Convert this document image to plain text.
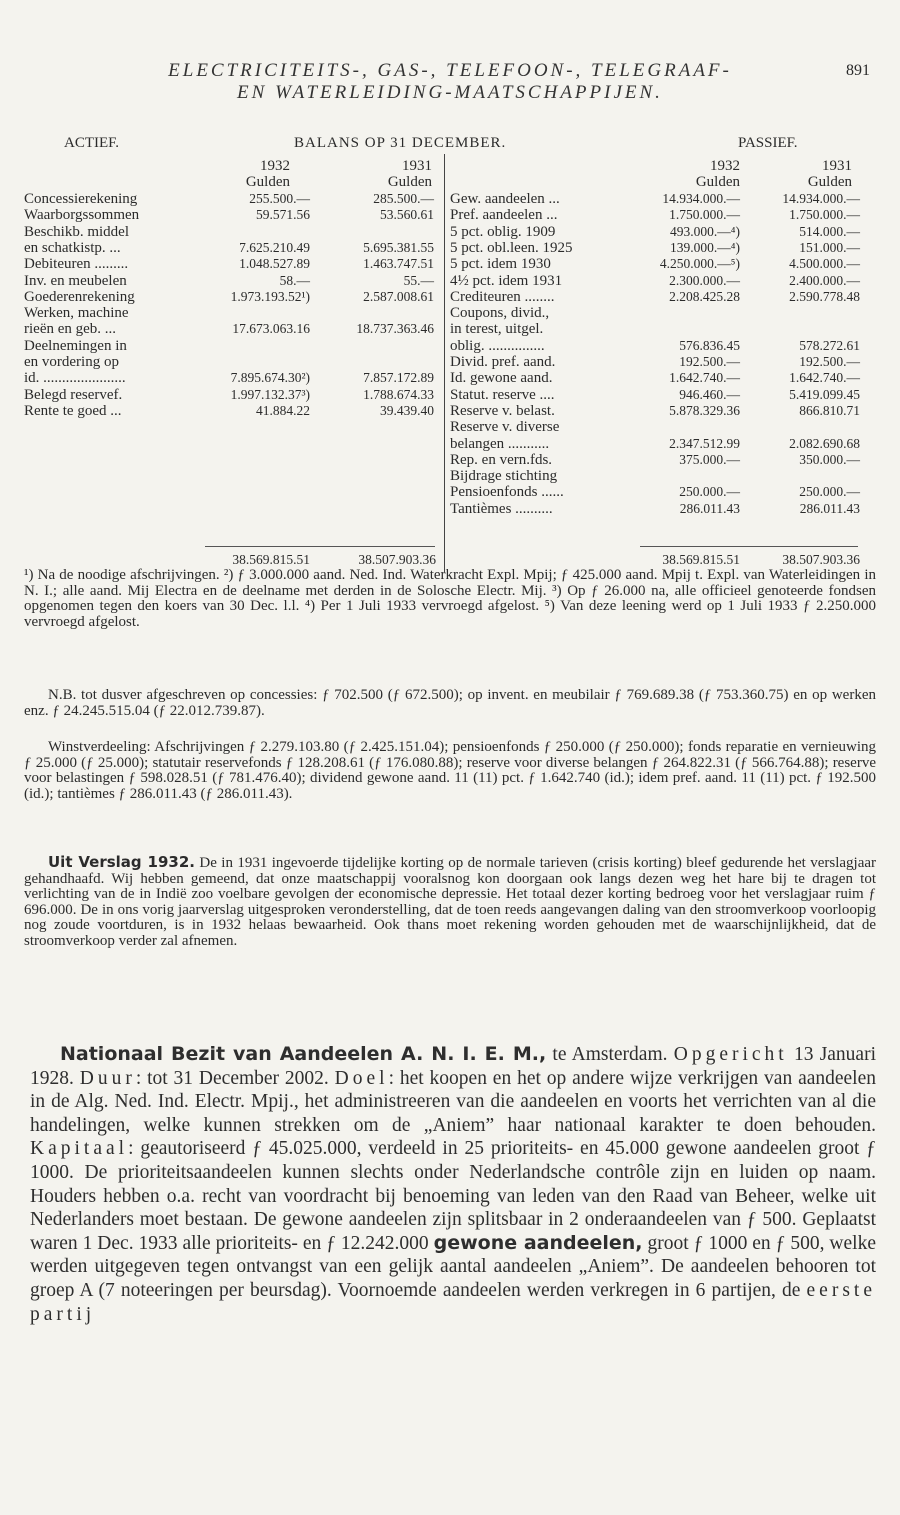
ELECTRICITEITS-, GAS-, TELEFOON-, TELEGRAAF-
EN WATERLEIDING-MAATSCHAPPIJEN.
891
ACTIEF.	BALANS OP 31 DECEMBER.	PASSIEF.
1932	1931	1932	1931
Gulden	Gulden	Gulden	Gulden
Concessierekening	255.500.—	285.500.—
Waarborgssommen	59.571.56	53.560.61
Beschikb. middel
en schatkistp. ...	7.625.210.49	5.695.381.55
Debiteuren .........	1.048.527.89	1.463.747.51
Inv. en meubelen	58.—	55.—
Goederenrekening	1.973.193.52¹)	2.587.008.61
Werken, machine
rieën en geb. ...	17.673.063.16	18.737.363.46
Deelnemingen in
en vordering op
id. ......................	7.895.674.30²)	7.857.172.89
Belegd reservef.	1.997.132.37³)	1.788.674.33
Rente te goed ...	41.884.22	39.439.40
Gew. aandeelen ...	14.934.000.—	14.934.000.—
Pref. aandeelen ...	1.750.000.—	1.750.000.—
5 pct. oblig. 1909	493.000.—⁴)	514.000.—
5 pct. obl.leen. 1925	139.000.—⁴)	151.000.—
5 pct. idem 1930	4.250.000.—⁵)	4.500.000.—
4½ pct. idem 1931	2.300.000.—	2.400.000.—
Crediteuren ........	2.208.425.28	2.590.778.48
Coupons, divid.,
in terest, uitgel.
oblig. ...............	576.836.45	578.272.61
Divid. pref. aand.	192.500.—	192.500.—
Id. gewone aand.	1.642.740.—	1.642.740.—
Statut. reserve ....	946.460.—	5.419.099.45
Reserve v. belast.	5.878.329.36	866.810.71
Reserve v. diverse
belangen ...........	2.347.512.99	2.082.690.68
Rep. en vern.fds.	375.000.—	350.000.—
Bijdrage stichting
Pensioenfonds ......	250.000.—	250.000.—
Tantièmes ..........	286.011.43	286.011.43
38.569.815.51	38.507.903.36	38.569.815.51	38.507.903.36
¹) Na de noodige afschrijvingen. ²) ƒ 3.000.000 aand. Ned. Ind. Waterkracht Expl. Mpij; ƒ 425.000 aand. Mpij t. Expl. van Waterleidingen in N. I.; alle aand. Mij Electra en de deelname met derden in de Solosche Electr. Mij. ³) Op ƒ 26.000 na, alle officieel genoteerde fondsen opgenomen tegen den koers van 30 Dec. l.l. ⁴) Per 1 Juli 1933 vervroegd afgelost. ⁵) Van deze leening werd op 1 Juli 1933 ƒ 2.250.000 vervroegd afgelost.
N.B. tot dusver afgeschreven op concessies: ƒ 702.500 (ƒ 672.500); op invent. en meubilair ƒ 769.689.38 (ƒ 753.360.75) en op werken enz. ƒ 24.245.515.04 (ƒ 22.012.739.87).
Winstverdeeling: Afschrijvingen ƒ 2.279.103.80 (ƒ 2.425.151.04); pensioenfonds ƒ 250.000 (ƒ 250.000); fonds reparatie en vernieuwing ƒ 25.000 (ƒ 25.000); statutair reservefonds ƒ 128.208.61 (ƒ 176.080.88); reserve voor diverse belangen ƒ 264.822.31 (ƒ 566.764.88); reserve voor belastingen ƒ 598.028.51 (ƒ 781.476.40); dividend gewone aand. 11 (11) pct. ƒ 1.642.740 (id.); idem pref. aand. 11 (11) pct. ƒ 192.500 (id.); tantièmes ƒ 286.011.43 (ƒ 286.011.43).
Uit Verslag 1932. De in 1931 ingevoerde tijdelijke korting op de normale tarieven (crisis korting) bleef gedurende het verslagjaar gehandhaafd. Wij hebben gemeend, dat onze maatschappij vooralsnog kon doorgaan ook langs dezen weg het hare bij te dragen tot verlichting van de in Indië zoo voelbare gevolgen der economische depressie. Het totaal dezer korting bedroeg voor het verslagjaar ruim ƒ 696.000. De in ons vorig jaarverslag uitgesproken veronderstelling, dat de toen reeds aangevangen daling van den stroomverkoop voorloopig nog zoude voortduren, is in 1932 helaas bewaarheid. Ook thans moet rekening worden gehouden met de waarschijnlijkheid, dat de stroomverkoop verder zal afnemen.
Nationaal Bezit van Aandeelen A. N. I. E. M., te Amsterdam. Opgericht 13 Januari 1928. Duur: tot 31 December 2002. Doel: het koopen en het op andere wijze verkrijgen van aandeelen in de Alg. Ned. Ind. Electr. Mpij., het administreeren van die aandeelen en voorts het verrichten van al die handelingen, welke kunnen strekken om de „Aniem” haar nationaal karakter te doen behouden. Kapitaal: geautoriseerd ƒ 45.025.000, verdeeld in 25 prioriteits- en 45.000 gewone aandeelen groot ƒ 1000. De prioriteitsaandeelen kunnen slechts onder Nederlandsche contrôle zijn en luiden op naam. Houders hebben o.a. recht van voordracht bij benoeming van leden van den Raad van Beheer, welke uit Nederlanders moet bestaan. De gewone aandeelen zijn splitsbaar in 2 onderaandeelen van ƒ 500. Geplaatst waren 1 Dec. 1933 alle prioriteits- en ƒ 12.242.000 gewone aandeelen, groot ƒ 1000 en ƒ 500, welke werden uitgegeven tegen ontvangst van een gelijk aantal aandeelen „Aniem”. De aandeelen behooren tot groep A (7 noteeringen per beursdag). Voornoemde aandeelen werden verkregen in 6 partijen, de eerste partij
